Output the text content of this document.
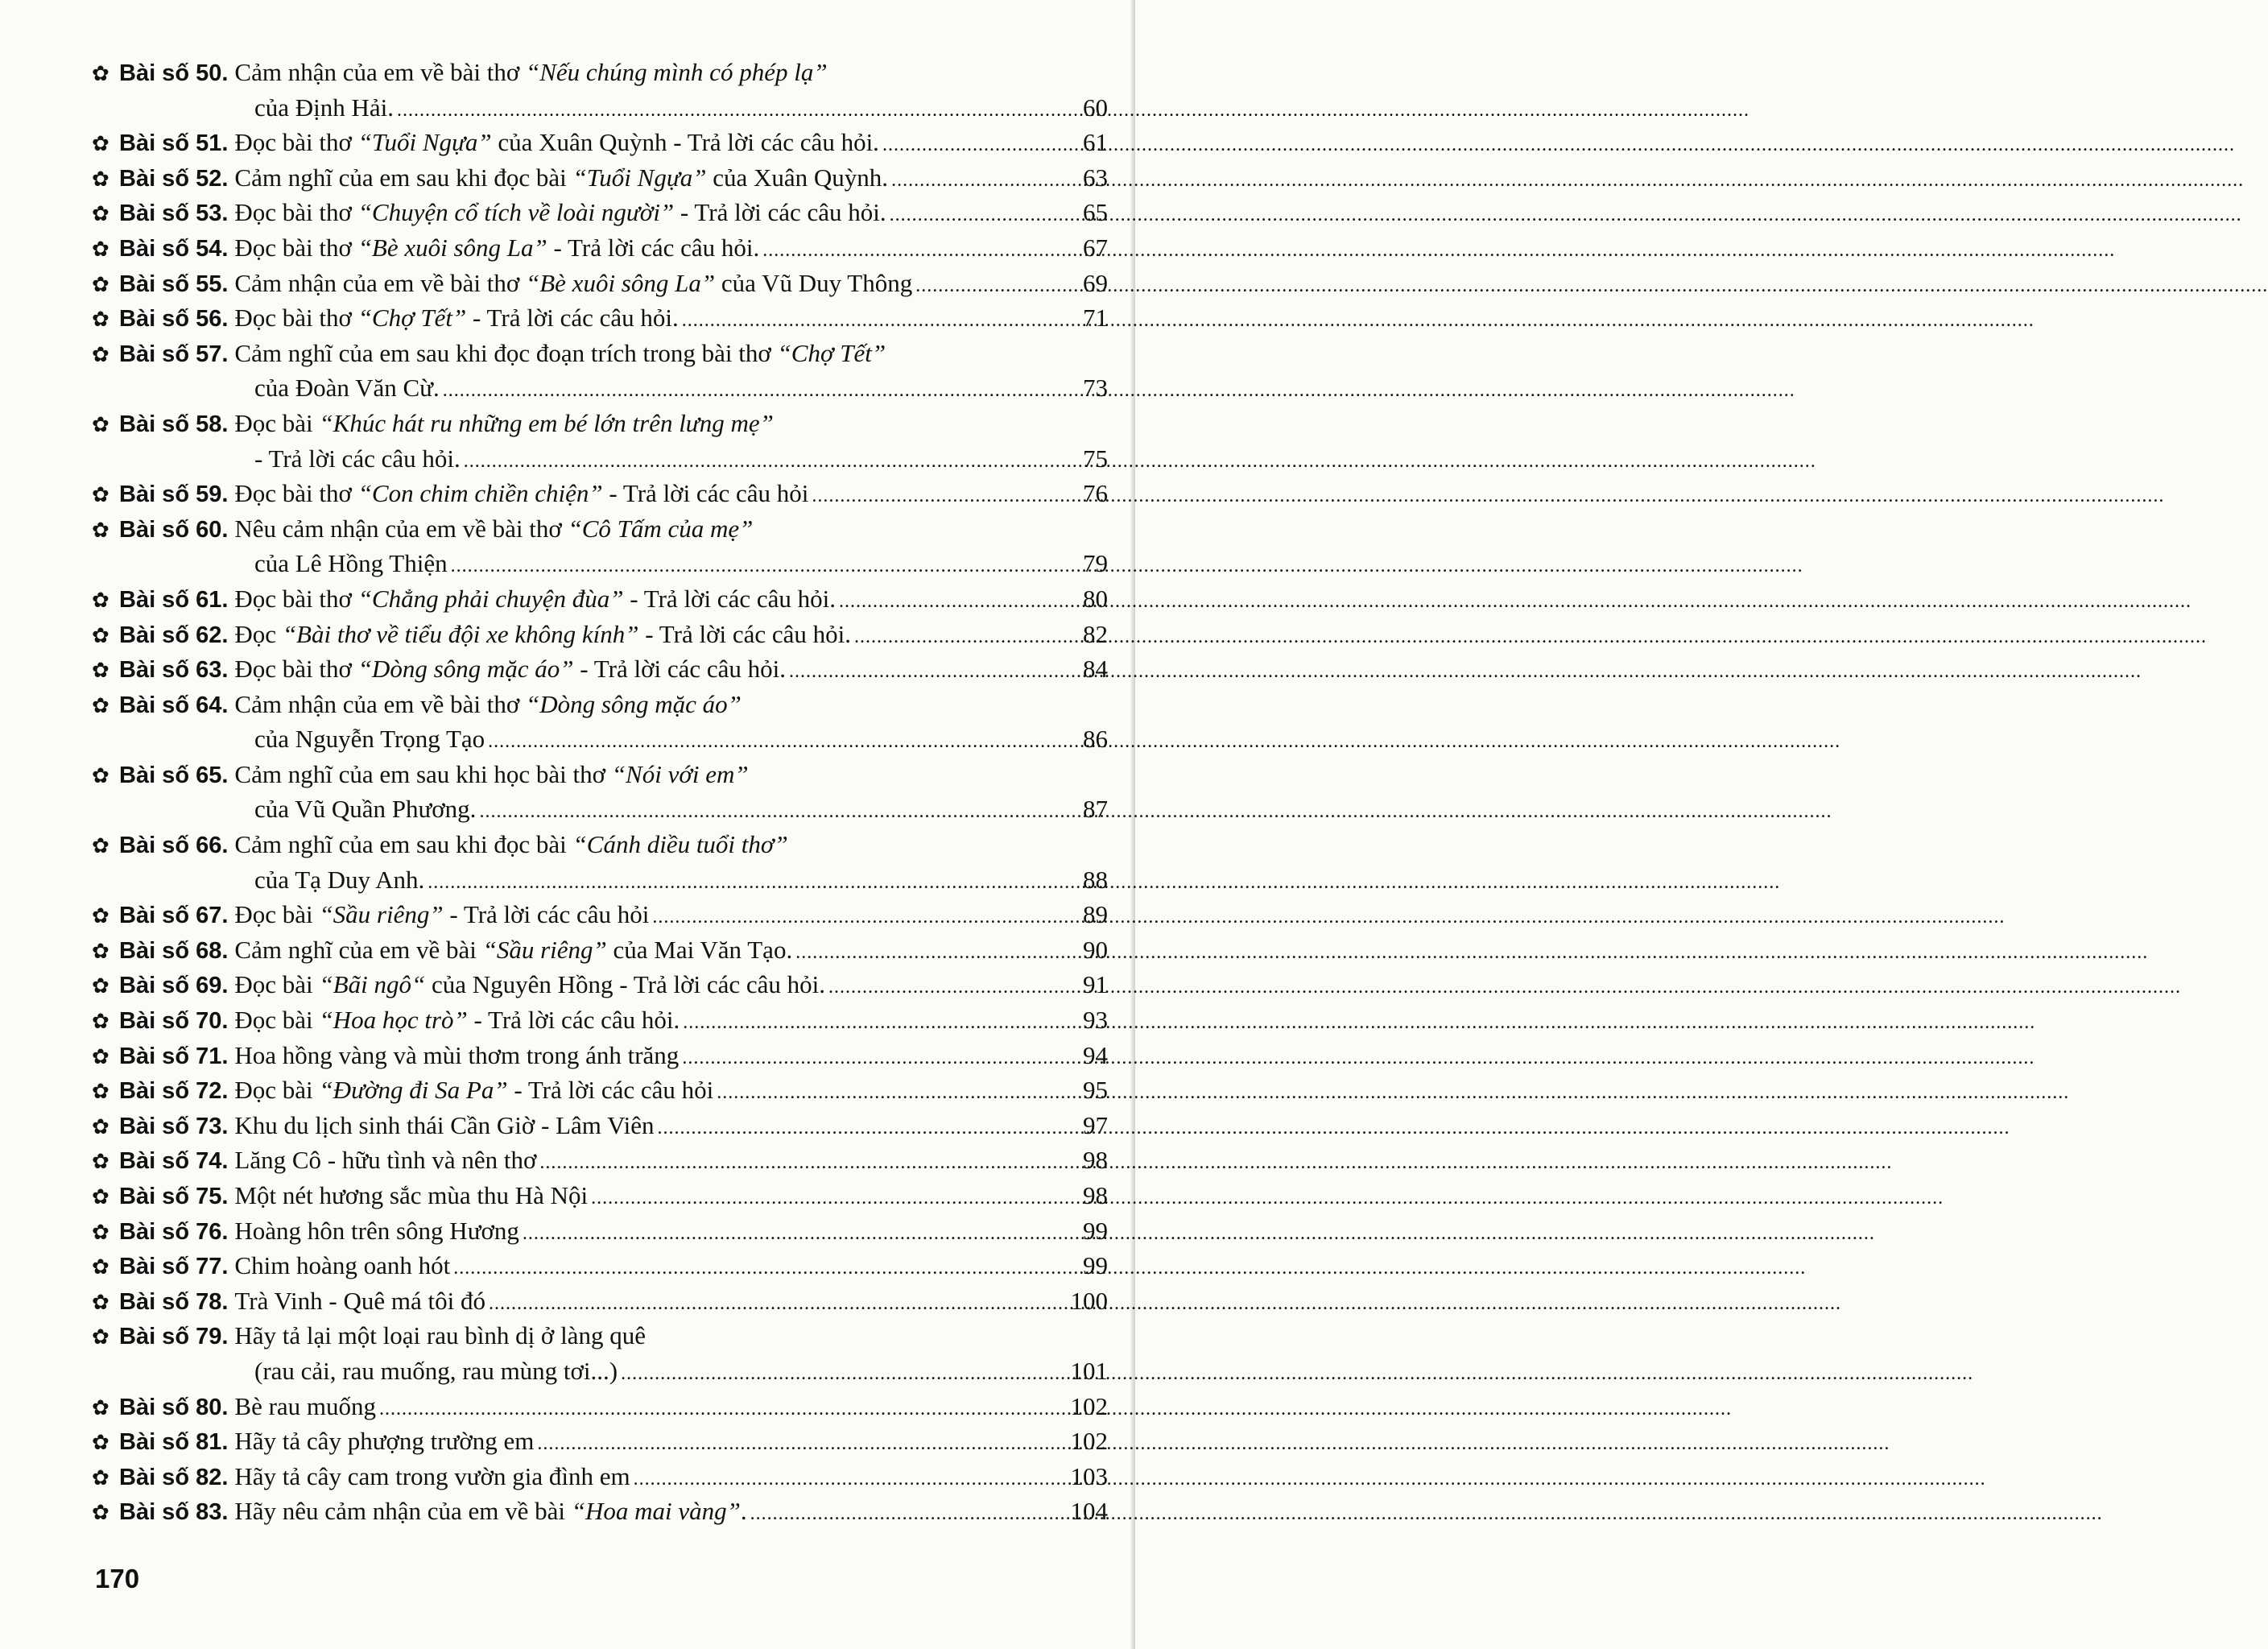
✿ Bài số 50. Cảm nhận của em về bài thơ “Nếu chúng mình có phép lạ”
của Định Hải. .....	60
✿ Bài số 51. Đọc bài thơ “Tuổi Ngựa” của Xuân Quỳnh - Trả lời các câu hỏi. .....	61
✿ Bài số 52. Cảm nghĩ của em sau khi đọc bài “Tuổi Ngựa” của Xuân Quỳnh. .....	63
✿ Bài số 53. Đọc bài thơ “Chuyện cổ tích về loài người” - Trả lời các câu hỏi. .....	65
✿ Bài số 54. Đọc bài thơ “Bè xuôi sông La” - Trả lời các câu hỏi. .....	67
✿ Bài số 55. Cảm nhận của em về bài thơ “Bè xuôi sông La” của Vũ Duy Thông .....	69
✿ Bài số 56. Đọc bài thơ “Chợ Tết” - Trả lời các câu hỏi. .....	71
✿ Bài số 57. Cảm nghĩ của em sau khi đọc đoạn trích trong bài thơ “Chợ Tết”
của Đoàn Văn Cừ. .....	73
✿ Bài số 58. Đọc bài “Khúc hát ru những em bé lớn trên lưng mẹ”
- Trả lời các câu hỏi. .....	75
✿ Bài số 59. Đọc bài thơ “Con chim chiền chiện” - Trả lời các câu hỏi .....	76
✿ Bài số 60. Nêu cảm nhận của em về bài thơ “Cô Tấm của mẹ”
của Lê Hồng Thiện .....	79
✿ Bài số 61. Đọc bài thơ “Chẳng phải chuyện đùa” - Trả lời các câu hỏi. .....	80
✿ Bài số 62. Đọc “Bài thơ về tiểu đội xe không kính” - Trả lời các câu hỏi. .....	82
✿ Bài số 63. Đọc bài thơ “Dòng sông mặc áo” - Trả lời các câu hỏi. .....	84
✿ Bài số 64. Cảm nhận của em về bài thơ “Dòng sông mặc áo”
của Nguyễn Trọng Tạo .....	86
✿ Bài số 65. Cảm nghĩ của em sau khi học bài thơ “Nói với em”
của Vũ Quần Phương. .....	87
✿ Bài số 66. Cảm nghĩ của em sau khi đọc bài “Cánh diều tuổi thơ”
của Tạ Duy Anh. .....	88
✿ Bài số 67. Đọc bài “Sầu riêng” - Trả lời các câu hỏi .....	89
✿ Bài số 68. Cảm nghĩ của em về bài “Sầu riêng” của Mai Văn Tạo. .....	90
✿ Bài số 69. Đọc bài “Bãi ngô“ của Nguyên Hồng - Trả lời các câu hỏi. .....	91
✿ Bài số 70. Đọc bài “Hoa học trò” - Trả lời các câu hỏi. .....	93
✿ Bài số 71. Hoa hồng vàng và mùi thơm trong ánh trăng .....	94
✿ Bài số 72. Đọc bài “Đường đi Sa Pa” - Trả lời các câu hỏi .....	95
✿ Bài số 73. Khu du lịch sinh thái Cần Giờ - Lâm Viên .....	97
✿ Bài số 74. Lăng Cô - hữu tình và nên thơ .....	98
✿ Bài số 75. Một nét hương sắc mùa thu Hà Nội .....	98
✿ Bài số 76. Hoàng hôn trên sông Hương .....	99
✿ Bài số 77. Chim hoàng oanh hót .....	99
✿ Bài số 78. Trà Vinh - Quê má tôi đó .....	100
✿ Bài số 79. Hãy tả lại một loại rau bình dị ở làng quê
(rau cải, rau muống, rau mùng tơi...) .....	101
✿ Bài số 80. Bè rau muống .....	102
✿ Bài số 81. Hãy tả cây phượng trường em .....	102
✿ Bài số 82. Hãy tả cây cam trong vườn gia đình em .....	103
✿ Bài số 83. Hãy nêu cảm nhận của em về bài “Hoa mai vàng”. .....	104
170
